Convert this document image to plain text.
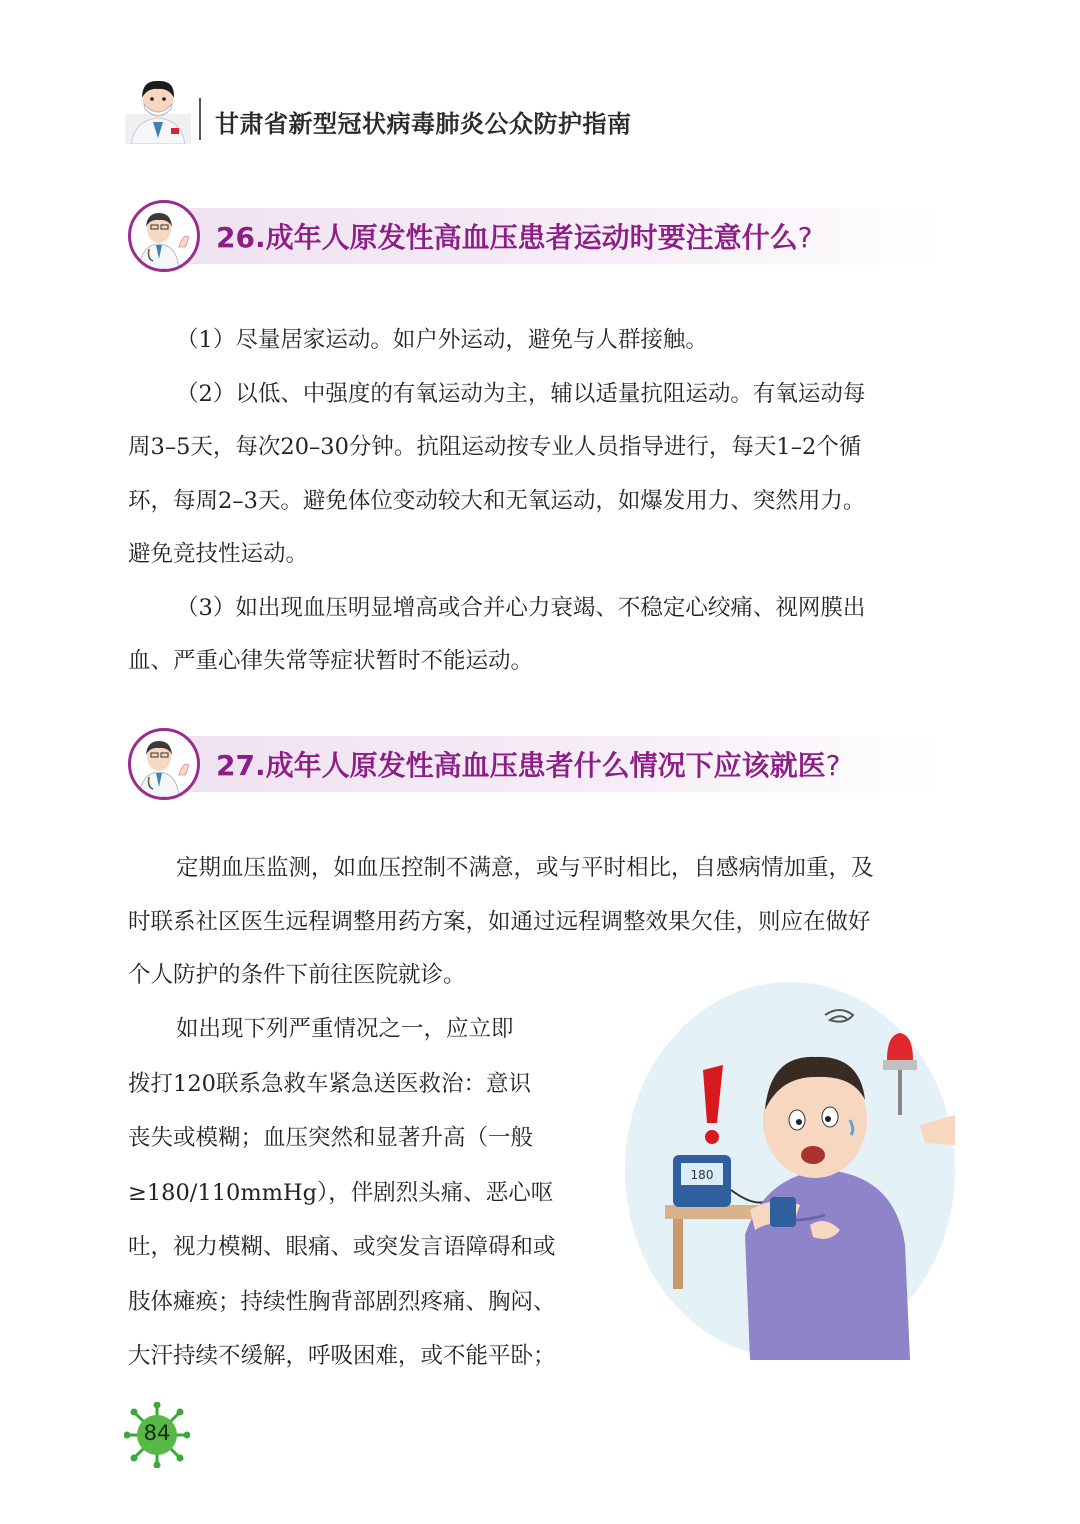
甘肃省新型冠状病毒肺炎公众防护指南
26.成年人原发性高血压患者运动时要注意什么?
（1）尽量居家运动。如户外运动，避免与人群接触。
（2）以低、中强度的有氧运动为主，辅以适量抗阻运动。有氧运动每
周3–5天，每次20–30分钟。抗阻运动按专业人员指导进行，每天1–2个循
环，每周2–3天。避免体位变动较大和无氧运动，如爆发用力、突然用力。
避免竞技性运动。
（3）如出现血压明显增高或合并心力衰竭、不稳定心绞痛、视网膜出
血、严重心律失常等症状暂时不能运动。
27.成年人原发性高血压患者什么情况下应该就医?
定期血压监测，如血压控制不满意，或与平时相比，自感病情加重，及
时联系社区医生远程调整用药方案，如通过远程调整效果欠佳，则应在做好
个人防护的条件下前往医院就诊。
如出现下列严重情况之一，应立即
拨打120联系急救车紧急送医救治：意识
丧失或模糊；血压突然和显著升高（一般
≥180/110mmHg），伴剧烈头痛、恶心呕
吐，视力模糊、眼痛、或突发言语障碍和或
肢体瘫痪；持续性胸背部剧烈疼痛、胸闷、
大汗持续不缓解，呼吸困难，或不能平卧；
180
84
